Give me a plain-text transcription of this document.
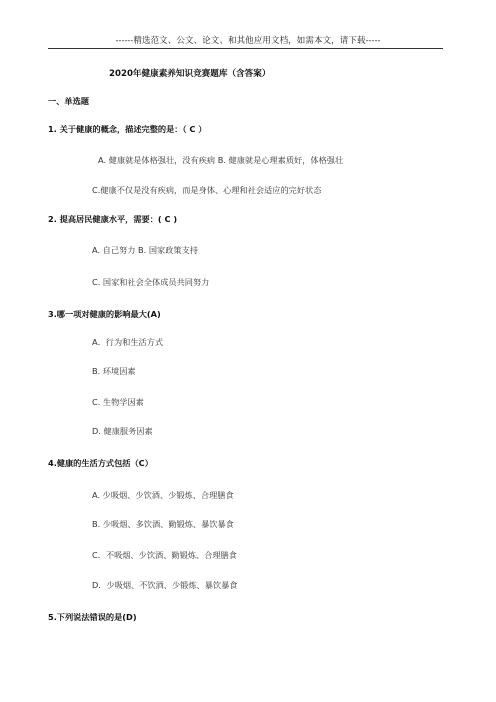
------精选范文、公文、论文、和其他应用文档，如需本文，请下载-----
2020年健康素养知识竞赛题库（含答案）
一、单选题
1. 关于健康的概念，描述完整的是：（ C ）
A. 健康就是体格强壮，没有疾病 B. 健康就是心理素质好，体格强壮
C.健康不仅是没有疾病，而是身体、心理和社会适应的完好状态
2. 提高居民健康水平，需要：( C )
A. 自己努力 B. 国家政策支持
C. 国家和社会全体成员共同努力
3.哪一项对健康的影响最大(A)
A．行为和生活方式
B. 环境因素
C. 生物学因素
D. 健康服务因素
4.健康的生活方式包括（C）
A. 少吸烟、少饮酒、少锻炼、合理膳食
B. 少吸烟、多饮酒、勤锻炼、暴饮暴食
C．不吸烟、少饮酒、勤锻炼、合理膳食
D．少吸烟、不饮酒、少锻炼、暴饮暴食
5.下列说法错误的是(D)
